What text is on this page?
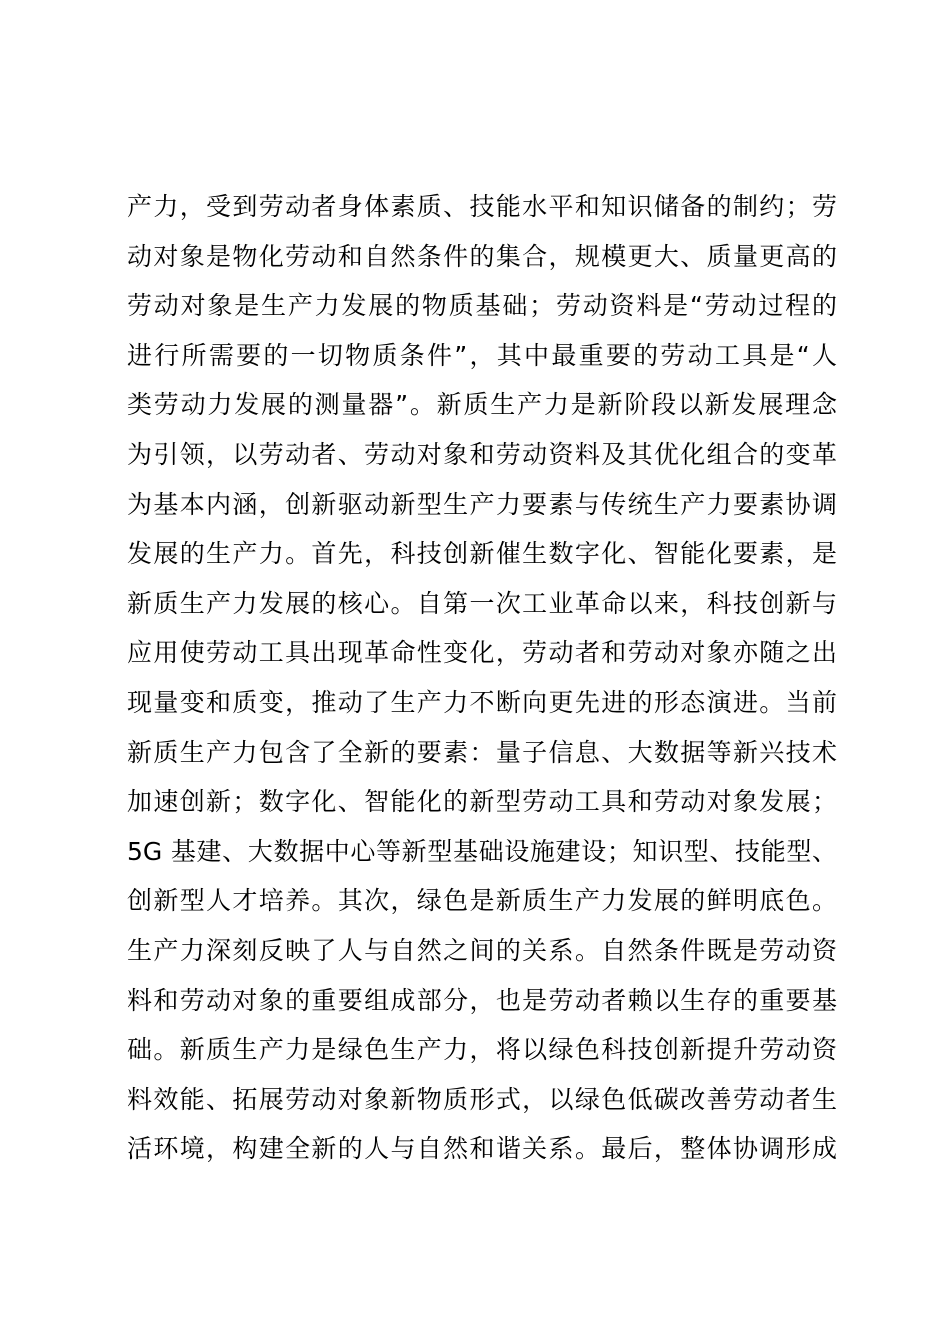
产力，受到劳动者身体素质、技能水平和知识储备的制约；劳
动对象是物化劳动和自然条件的集合，规模更大、质量更高的
劳动对象是生产力发展的物质基础；劳动资料是“劳动过程的
进行所需要的一切物质条件”，其中最重要的劳动工具是“人
类劳动力发展的测量器”。新质生产力是新阶段以新发展理念
为引领，以劳动者、劳动对象和劳动资料及其优化组合的变革
为基本内涵，创新驱动新型生产力要素与传统生产力要素协调
发展的生产力。首先，科技创新催生数字化、智能化要素，是
新质生产力发展的核心。自第一次工业革命以来，科技创新与
应用使劳动工具出现革命性变化，劳动者和劳动对象亦随之出
现量变和质变，推动了生产力不断向更先进的形态演进。当前
新质生产力包含了全新的要素：量子信息、大数据等新兴技术
加速创新；数字化、智能化的新型劳动工具和劳动对象发展；
5G 基建、大数据中心等新型基础设施建设；知识型、技能型、
创新型人才培养。其次，绿色是新质生产力发展的鲜明底色。
生产力深刻反映了人与自然之间的关系。自然条件既是劳动资
料和劳动对象的重要组成部分，也是劳动者赖以生存的重要基
础。新质生产力是绿色生产力，将以绿色科技创新提升劳动资
料效能、拓展劳动对象新物质形式，以绿色低碳改善劳动者生
活环境，构建全新的人与自然和谐关系。最后，整体协调形成
